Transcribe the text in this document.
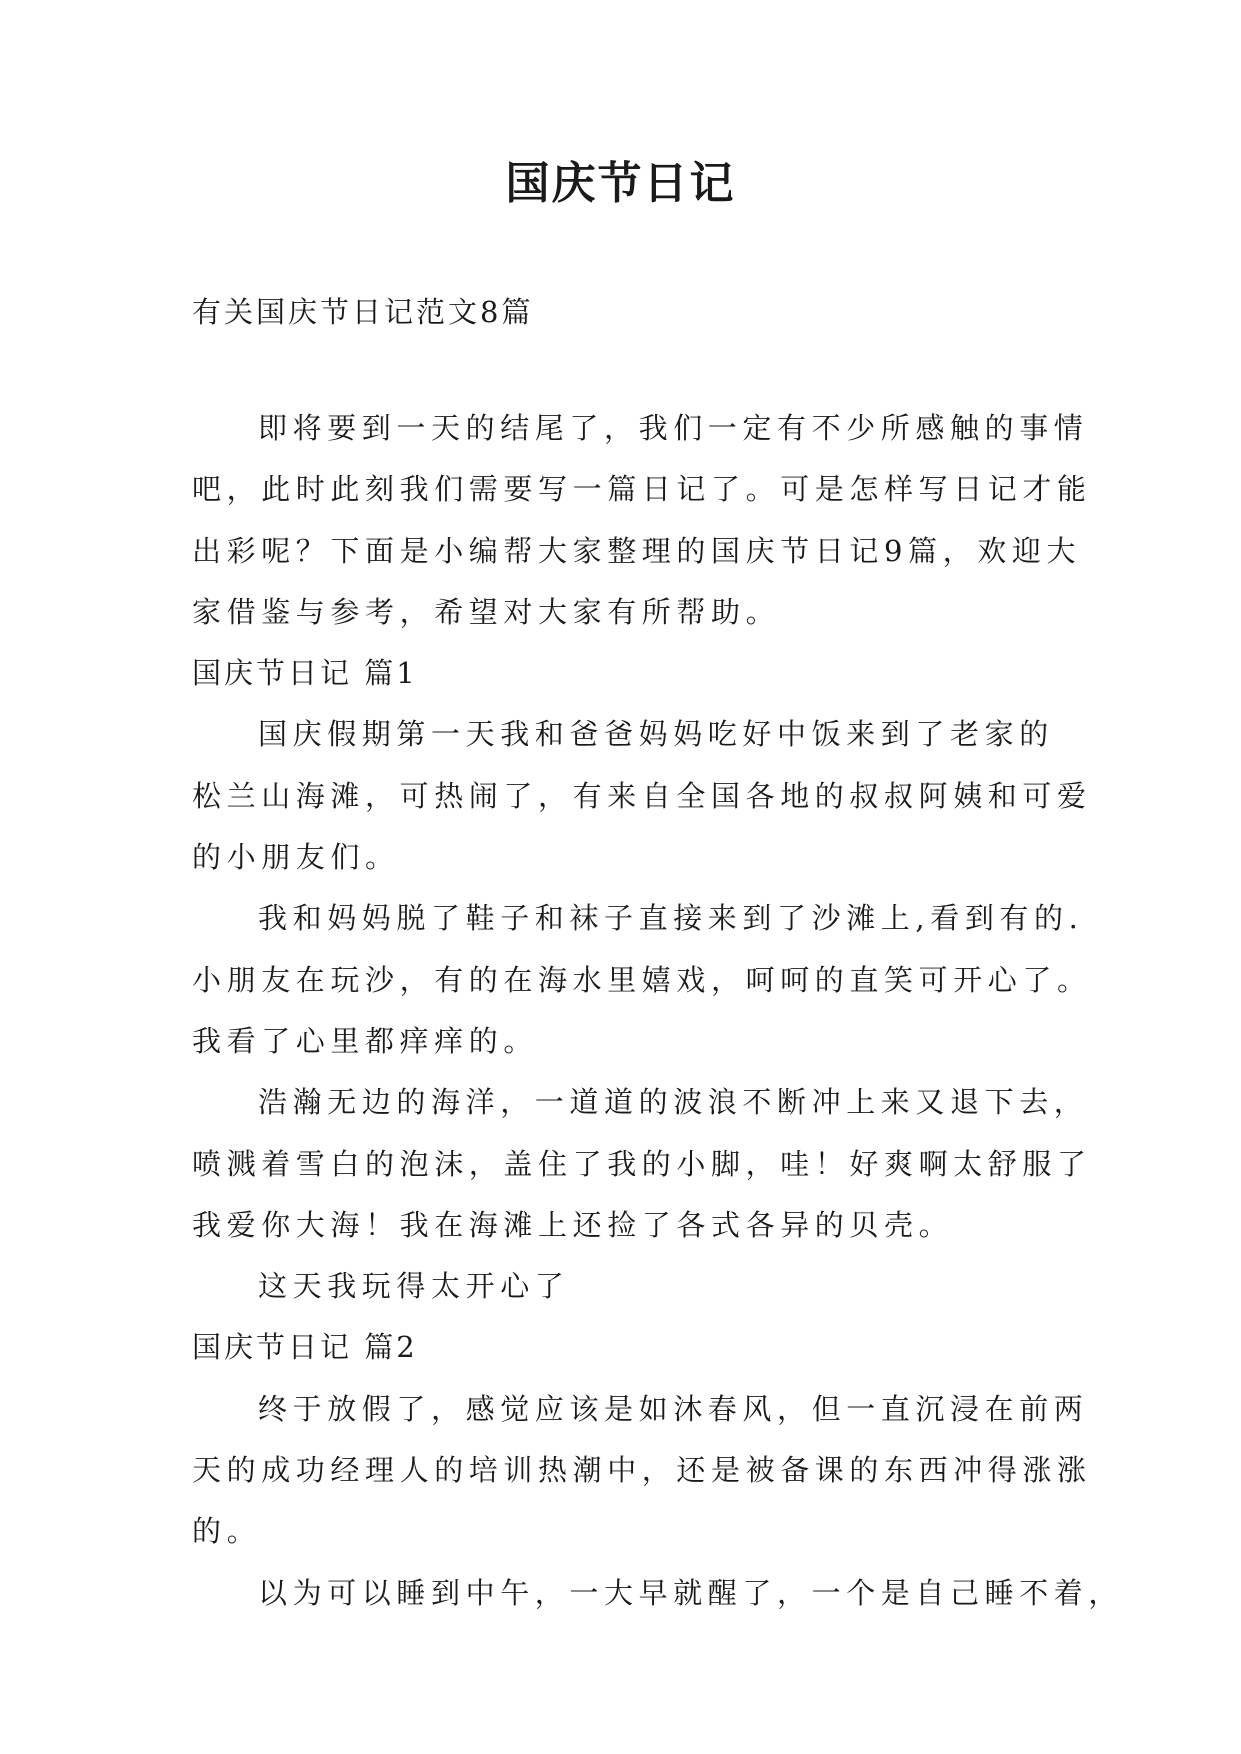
国庆节日记
有关国庆节日记范文8篇
即将要到一天的结尾了，我们一定有不少所感触的事情
吧，此时此刻我们需要写一篇日记了。可是怎样写日记才能
出彩呢？下面是小编帮大家整理的国庆节日记9篇，欢迎大
家借鉴与参考，希望对大家有所帮助。
国庆节日记 篇1
国庆假期第一天我和爸爸妈妈吃好中饭来到了老家的
松兰山海滩，可热闹了，有来自全国各地的叔叔阿姨和可爱
的小朋友们。
我和妈妈脱了鞋子和袜子直接来到了沙滩上,看到有的.
小朋友在玩沙，有的在海水里嬉戏，呵呵的直笑可开心了。
我看了心里都痒痒的。
浩瀚无边的海洋，一道道的波浪不断冲上来又退下去，
喷溅着雪白的泡沫，盖住了我的小脚，哇！好爽啊太舒服了
我爱你大海！我在海滩上还捡了各式各异的贝壳。
这天我玩得太开心了
国庆节日记 篇2
终于放假了，感觉应该是如沐春风，但一直沉浸在前两
天的成功经理人的培训热潮中，还是被备课的东西冲得涨涨
的。
以为可以睡到中午，一大早就醒了，一个是自己睡不着，
